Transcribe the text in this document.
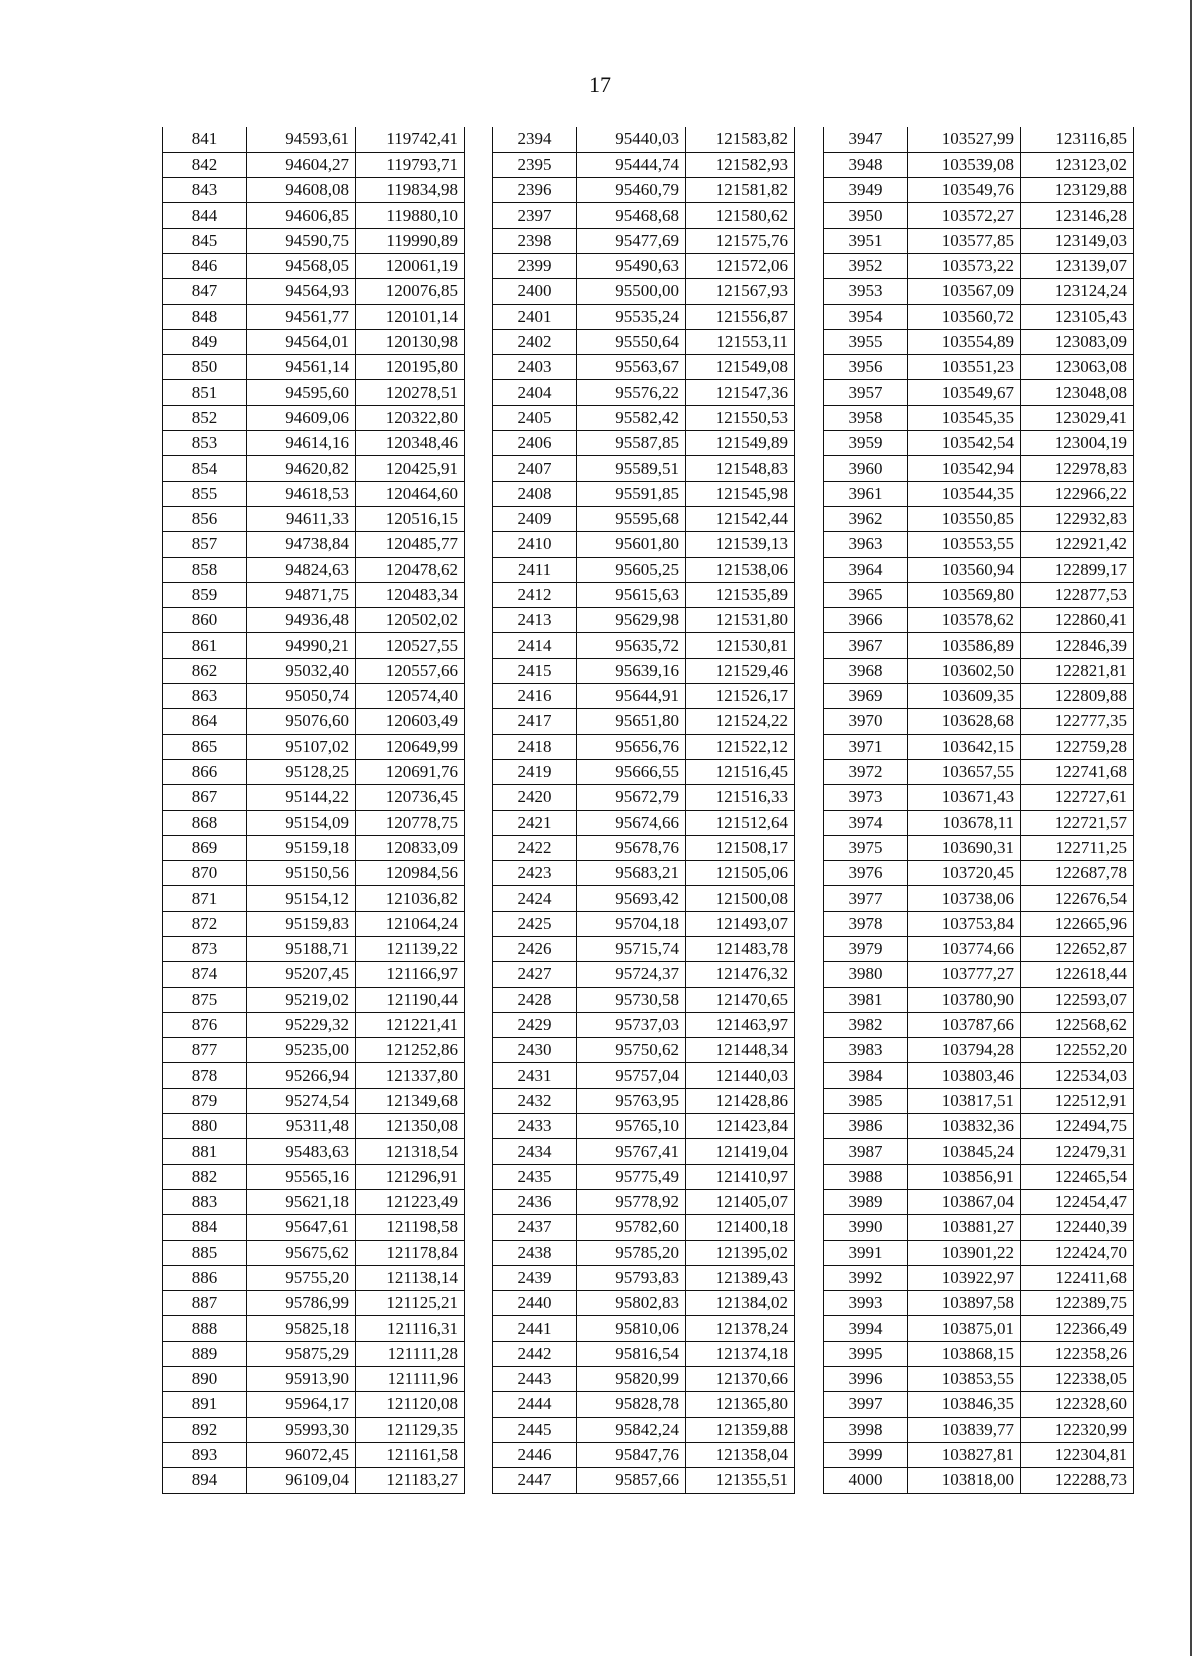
17
841	94593,61	119742,41
842	94604,27	119793,71
843	94608,08	119834,98
844	94606,85	119880,10
845	94590,75	119990,89
846	94568,05	120061,19
847	94564,93	120076,85
848	94561,77	120101,14
849	94564,01	120130,98
850	94561,14	120195,80
851	94595,60	120278,51
852	94609,06	120322,80
853	94614,16	120348,46
854	94620,82	120425,91
855	94618,53	120464,60
856	94611,33	120516,15
857	94738,84	120485,77
858	94824,63	120478,62
859	94871,75	120483,34
860	94936,48	120502,02
861	94990,21	120527,55
862	95032,40	120557,66
863	95050,74	120574,40
864	95076,60	120603,49
865	95107,02	120649,99
866	95128,25	120691,76
867	95144,22	120736,45
868	95154,09	120778,75
869	95159,18	120833,09
870	95150,56	120984,56
871	95154,12	121036,82
872	95159,83	121064,24
873	95188,71	121139,22
874	95207,45	121166,97
875	95219,02	121190,44
876	95229,32	121221,41
877	95235,00	121252,86
878	95266,94	121337,80
879	95274,54	121349,68
880	95311,48	121350,08
881	95483,63	121318,54
882	95565,16	121296,91
883	95621,18	121223,49
884	95647,61	121198,58
885	95675,62	121178,84
886	95755,20	121138,14
887	95786,99	121125,21
888	95825,18	121116,31
889	95875,29	121111,28
890	95913,90	121111,96
891	95964,17	121120,08
892	95993,30	121129,35
893	96072,45	121161,58
894	96109,04	121183,27
2394	95440,03	121583,82
2395	95444,74	121582,93
2396	95460,79	121581,82
2397	95468,68	121580,62
2398	95477,69	121575,76
2399	95490,63	121572,06
2400	95500,00	121567,93
2401	95535,24	121556,87
2402	95550,64	121553,11
2403	95563,67	121549,08
2404	95576,22	121547,36
2405	95582,42	121550,53
2406	95587,85	121549,89
2407	95589,51	121548,83
2408	95591,85	121545,98
2409	95595,68	121542,44
2410	95601,80	121539,13
2411	95605,25	121538,06
2412	95615,63	121535,89
2413	95629,98	121531,80
2414	95635,72	121530,81
2415	95639,16	121529,46
2416	95644,91	121526,17
2417	95651,80	121524,22
2418	95656,76	121522,12
2419	95666,55	121516,45
2420	95672,79	121516,33
2421	95674,66	121512,64
2422	95678,76	121508,17
2423	95683,21	121505,06
2424	95693,42	121500,08
2425	95704,18	121493,07
2426	95715,74	121483,78
2427	95724,37	121476,32
2428	95730,58	121470,65
2429	95737,03	121463,97
2430	95750,62	121448,34
2431	95757,04	121440,03
2432	95763,95	121428,86
2433	95765,10	121423,84
2434	95767,41	121419,04
2435	95775,49	121410,97
2436	95778,92	121405,07
2437	95782,60	121400,18
2438	95785,20	121395,02
2439	95793,83	121389,43
2440	95802,83	121384,02
2441	95810,06	121378,24
2442	95816,54	121374,18
2443	95820,99	121370,66
2444	95828,78	121365,80
2445	95842,24	121359,88
2446	95847,76	121358,04
2447	95857,66	121355,51
3947	103527,99	123116,85
3948	103539,08	123123,02
3949	103549,76	123129,88
3950	103572,27	123146,28
3951	103577,85	123149,03
3952	103573,22	123139,07
3953	103567,09	123124,24
3954	103560,72	123105,43
3955	103554,89	123083,09
3956	103551,23	123063,08
3957	103549,67	123048,08
3958	103545,35	123029,41
3959	103542,54	123004,19
3960	103542,94	122978,83
3961	103544,35	122966,22
3962	103550,85	122932,83
3963	103553,55	122921,42
3964	103560,94	122899,17
3965	103569,80	122877,53
3966	103578,62	122860,41
3967	103586,89	122846,39
3968	103602,50	122821,81
3969	103609,35	122809,88
3970	103628,68	122777,35
3971	103642,15	122759,28
3972	103657,55	122741,68
3973	103671,43	122727,61
3974	103678,11	122721,57
3975	103690,31	122711,25
3976	103720,45	122687,78
3977	103738,06	122676,54
3978	103753,84	122665,96
3979	103774,66	122652,87
3980	103777,27	122618,44
3981	103780,90	122593,07
3982	103787,66	122568,62
3983	103794,28	122552,20
3984	103803,46	122534,03
3985	103817,51	122512,91
3986	103832,36	122494,75
3987	103845,24	122479,31
3988	103856,91	122465,54
3989	103867,04	122454,47
3990	103881,27	122440,39
3991	103901,22	122424,70
3992	103922,97	122411,68
3993	103897,58	122389,75
3994	103875,01	122366,49
3995	103868,15	122358,26
3996	103853,55	122338,05
3997	103846,35	122328,60
3998	103839,77	122320,99
3999	103827,81	122304,81
4000	103818,00	122288,73
